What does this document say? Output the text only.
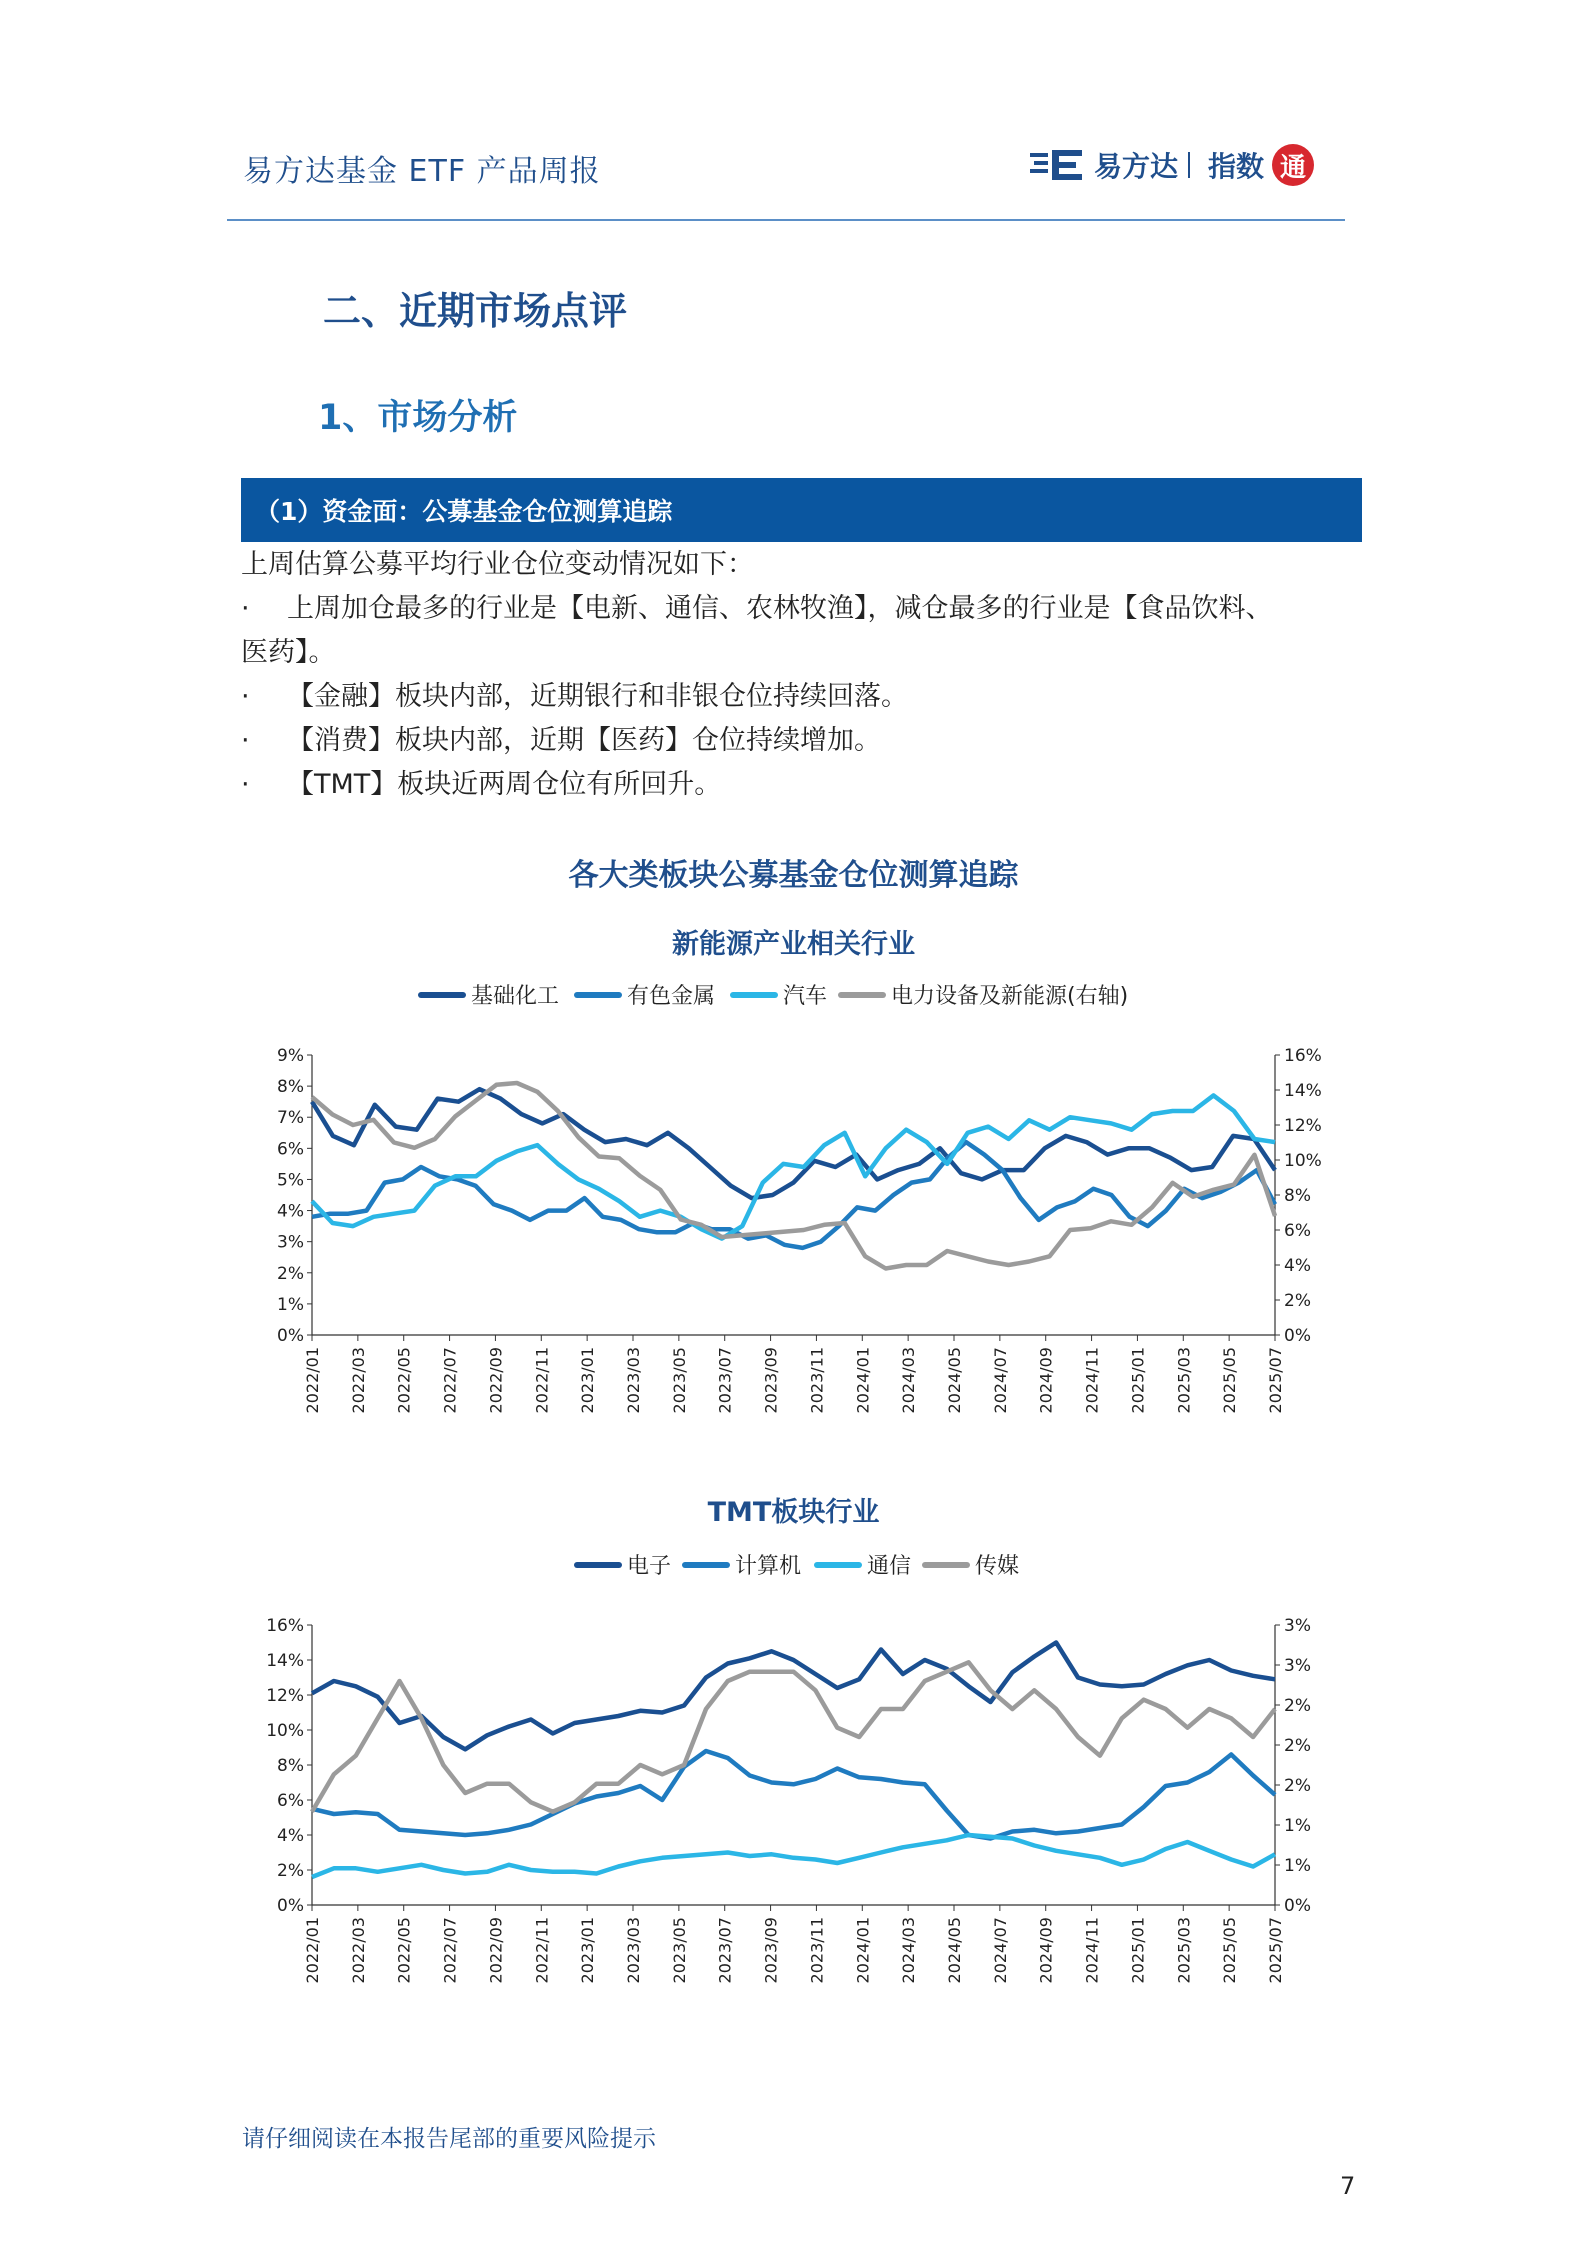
易方达基金 ETF 产品周报	易方达 指数 通
二、近期市场点评
1、市场分析
（1）资金面：公募基金仓位测算追踪
上周估算公募平均行业仓位变动情况如下：
· 上周加仓最多的行业是【电新、通信、农林牧渔】，减仓最多的行业是【食品饮料、
医药】。
· 【金融】板块内部，近期银行和非银仓位持续回落。
· 【消费】板块内部，近期【医药】仓位持续增加。
· 【TMT】板块近两周仓位有所回升。
各大类板块公募基金仓位测算追踪
新能源产业相关行业
基础化工	有色金属	汽车	电力设备及新能源(右轴)
0%
1%
2%
3%
4%
5%
6%
7%
8%
9%
0%
2%
4%
6%
8%
10%
12%
14%
16%
2022/01 2022/03 2022/05 2022/07 2022/09 2022/11 2023/01 2023/03 2023/05 2023/07 2023/09 2023/11 2024/01 2024/03 2024/05 2024/07 2024/09 2024/11 2025/01 2025/03 2025/05 2025/07
TMT板块行业
电子	计算机	通信	传媒
0%
2%
4%
6%
8%
10%
12%
14%
16%
0%
1%
1%
2%
2%
2%
3%
3%
2022/01 2022/03 2022/05 2022/07 2022/09 2022/11 2023/01 2023/03 2023/05 2023/07 2023/09 2023/11 2024/01 2024/03 2024/05 2024/07 2024/09 2024/11 2025/01 2025/03 2025/05 2025/07
请仔细阅读在本报告尾部的重要风险提示
7
